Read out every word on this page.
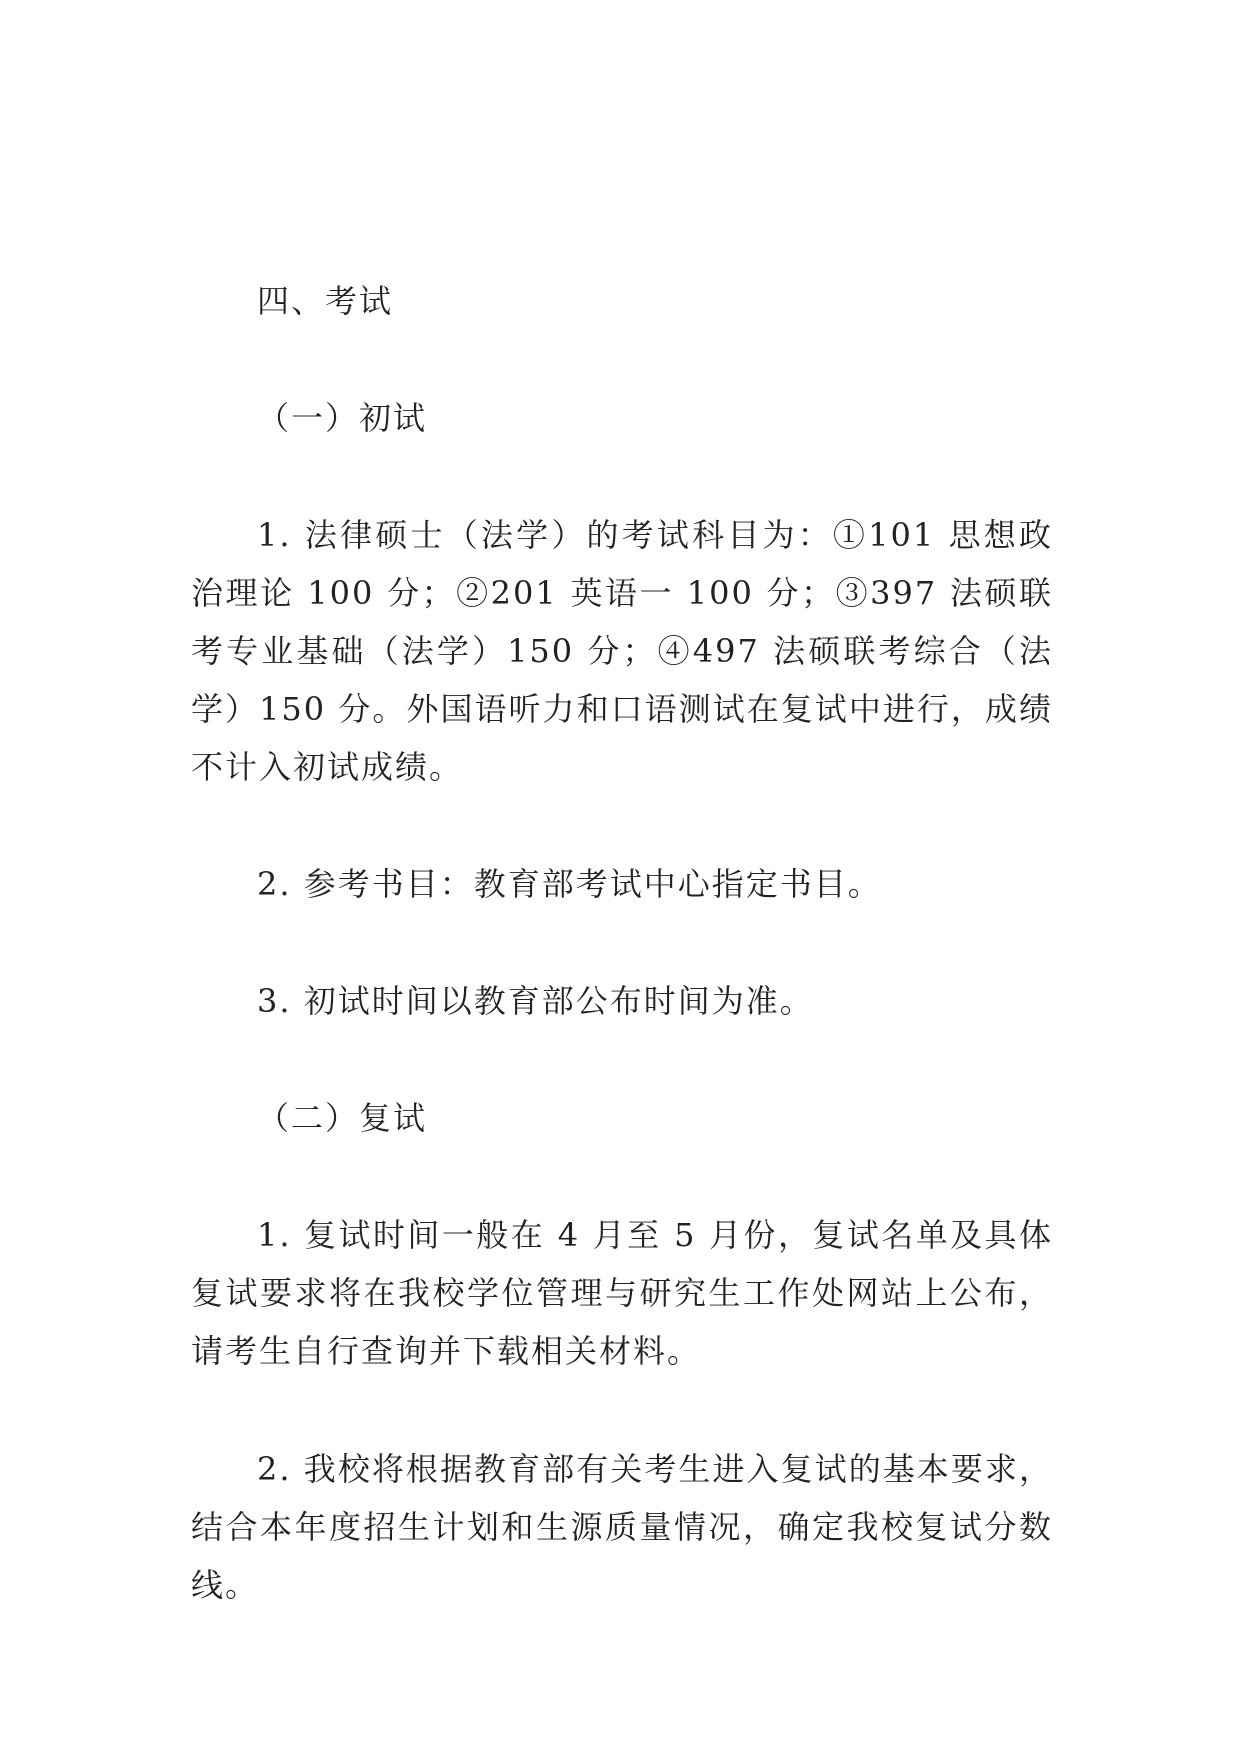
四、考试

（一）初试

1. 法律硕士（法学）的考试科目为：①101 思想政治理论 100 分；②201 英语一 100 分；③397 法硕联考专业基础（法学）150 分；④497 法硕联考综合（法学）150 分。外国语听力和口语测试在复试中进行，成绩不计入初试成绩。

2. 参考书目：教育部考试中心指定书目。

3. 初试时间以教育部公布时间为准。

（二）复试

1. 复试时间一般在 4 月至 5 月份，复试名单及具体复试要求将在我校学位管理与研究生工作处网站上公布，请考生自行查询并下载相关材料。

2. 我校将根据教育部有关考生进入复试的基本要求，结合本年度招生计划和生源质量情况，确定我校复试分数线。
